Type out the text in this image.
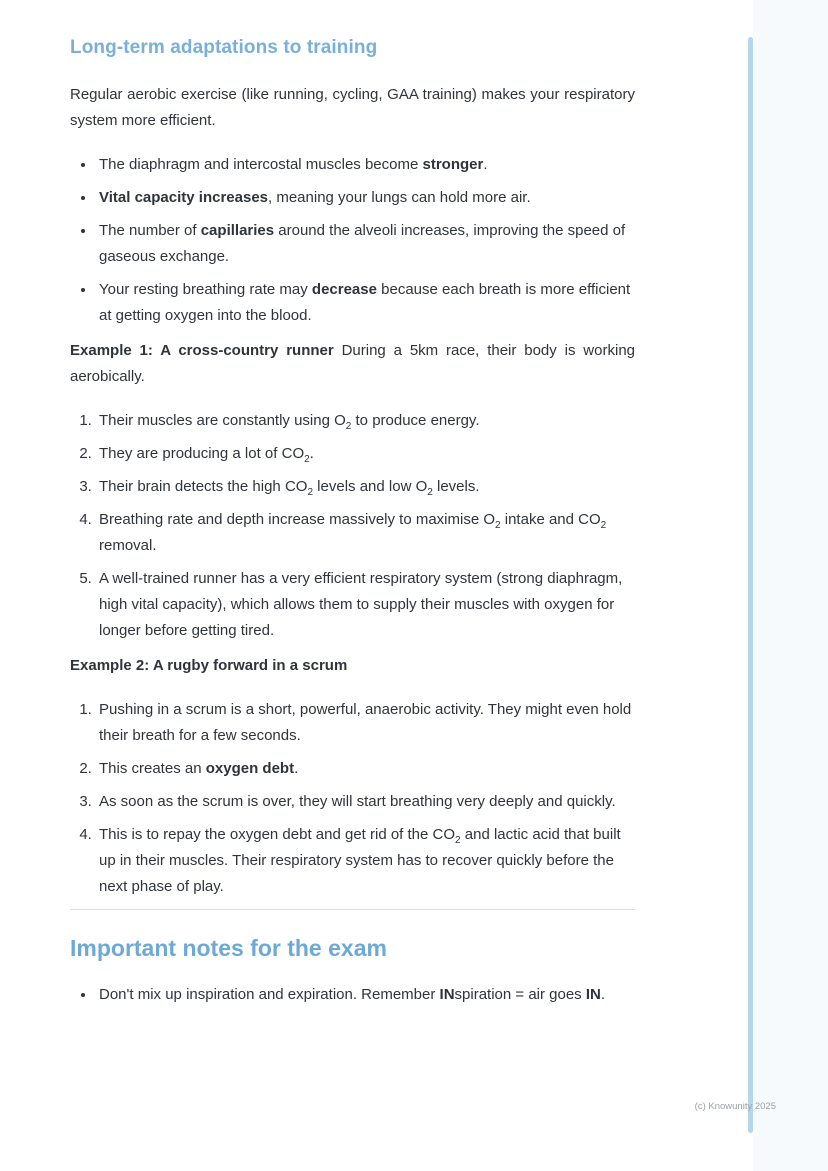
Long-term adaptations to training

Regular aerobic exercise (like running, cycling, GAA training) makes your respiratory system more efficient.

• The diaphragm and intercostal muscles become stronger.
• Vital capacity increases, meaning your lungs can hold more air.
• The number of capillaries around the alveoli increases, improving the speed of gaseous exchange.
• Your resting breathing rate may decrease because each breath is more efficient at getting oxygen into the blood.

Example 1: A cross-country runner During a 5km race, their body is working aerobically.

1. Their muscles are constantly using $O_2$ to produce energy.
2. They are producing a lot of $CO_2$.
3. Their brain detects the high $CO_2$ levels and low $O_2$ levels.
4. Breathing rate and depth increase massively to maximise $O_2$ intake and $CO_2$ removal.
5. A well-trained runner has a very efficient respiratory system (strong diaphragm, high vital capacity), which allows them to supply their muscles with oxygen for longer before getting tired.

Example 2: A rugby forward in a scrum

1. Pushing in a scrum is a short, powerful, anaerobic activity. They might even hold their breath for a few seconds.
2. This creates an oxygen debt.
3. As soon as the scrum is over, they will start breathing very deeply and quickly.
4. This is to repay the oxygen debt and get rid of the $CO_2$ and lactic acid that built up in their muscles. Their respiratory system has to recover quickly before the next phase of play.
Important notes for the exam
• Don't mix up inspiration and expiration. Remember INspiration = air goes IN.
(c) Knowunity 2025
